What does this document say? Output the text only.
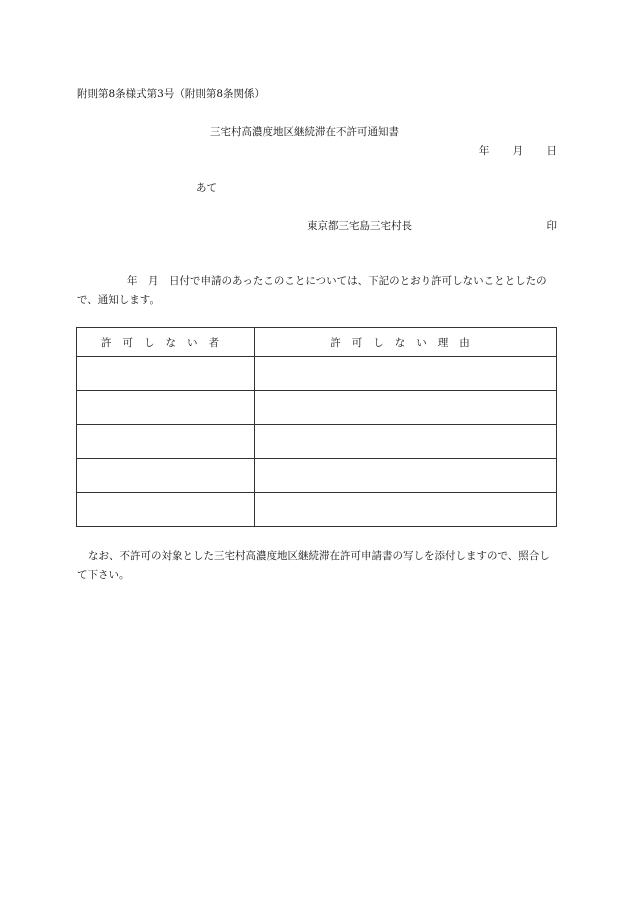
附則第8条様式第3号（附則第8条関係）
三宅村高濃度地区継続滞在不許可通知書
年 月 日
あて
東京都三宅島三宅村長	印
年　月　日付で申請のあったこのことについては、下記のとおり許可しないこととしたので、通知します。
許可しない者	許可しない理由

なお、不許可の対象とした三宅村高濃度地区継続滞在許可申請書の写しを添付しますので、照合して下さい。
